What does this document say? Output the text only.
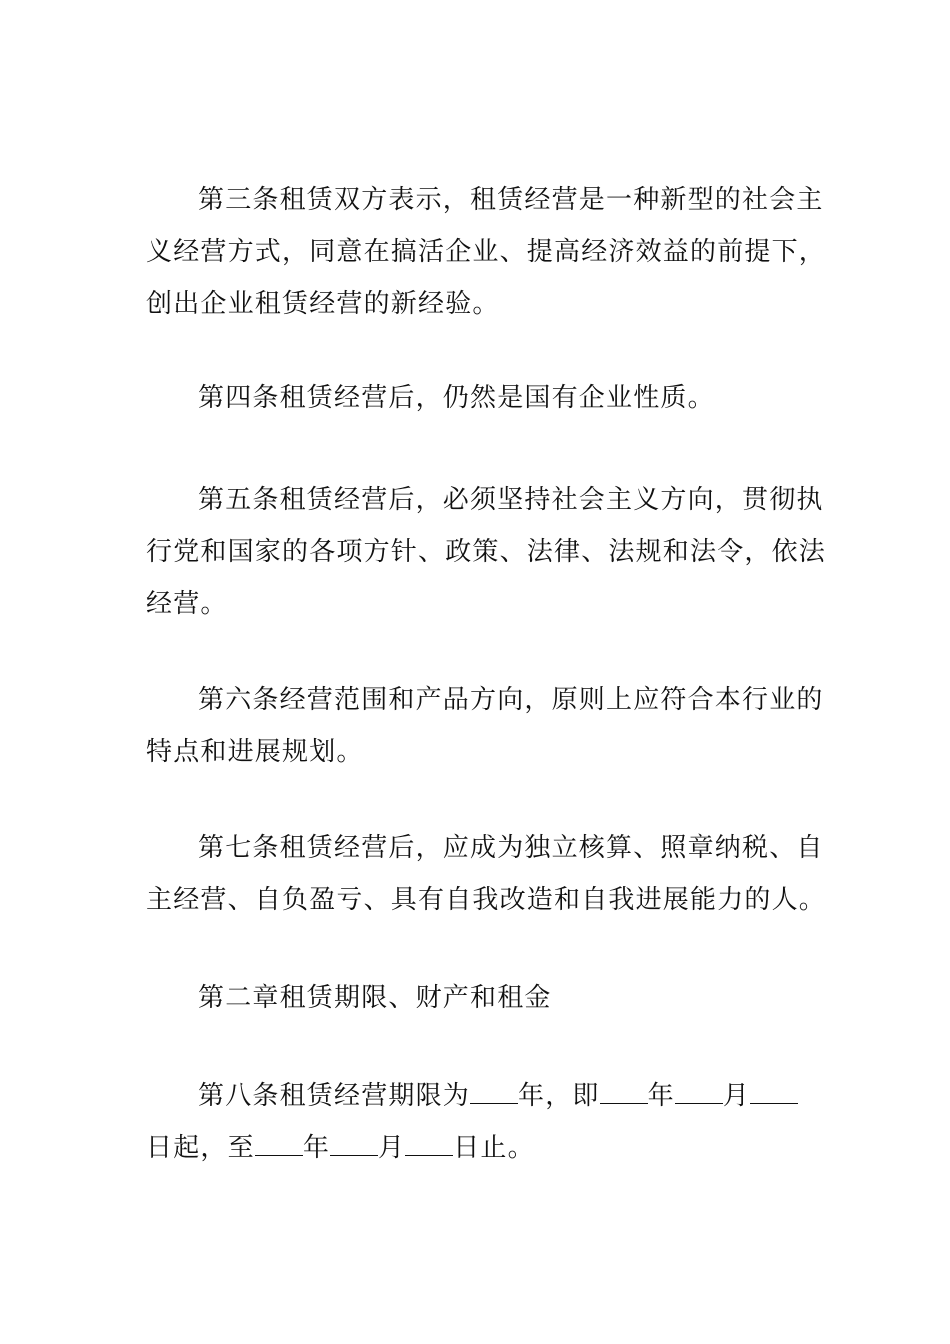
第三条租赁双方表示，租赁经营是一种新型的社会主
义经营方式，同意在搞活企业、提高经济效益的前提下，
创出企业租赁经营的新经验。

第四条租赁经营后，仍然是国有企业性质。

第五条租赁经营后，必须坚持社会主义方向，贯彻执
行党和国家的各项方针、政策、法律、法规和法令，依法
经营。

第六条经营范围和产品方向，原则上应符合本行业的
特点和进展规划。

第七条租赁经营后，应成为独立核算、照章纳税、自
主经营、自负盈亏、具有自我改造和自我进展能力的人。

第二章租赁期限、财产和租金

第八条租赁经营期限为 年，即 年 月
日起，至 年 月 日止。
